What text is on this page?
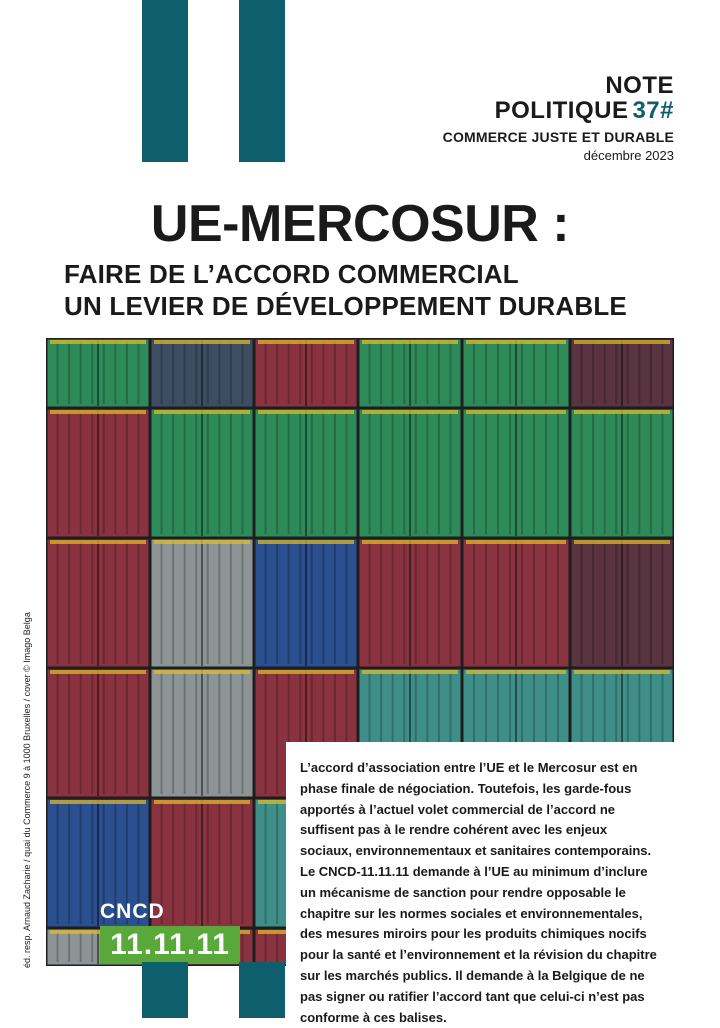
NOTE
POLITIQUE 37#
COMMERCE JUSTE ET DURABLE
décembre 2023
UE-MERCOSUR :
FAIRE DE L’ACCORD COMMERCIAL
UN LEVIER DE DÉVELOPPEMENT DURABLE
éd. resp. Arnaud Zacharie / quai du Commerce 9 à 1000 Bruxelles / cover © Imago Belga	L’accord d’association entre l’UE et le Mercosur est en phase finale de négociation. Toutefois, les garde-fous apportés à l’actuel volet commercial de l’accord ne suffisent pas à le rendre cohérent avec les enjeux sociaux, environnementaux et sanitaires contemporains. Le CNCD-11.11.11 demande à l’UE au minimum d’inclure un mécanisme de sanction pour rendre opposable le chapitre sur les normes sociales et environnementales, des mesures miroirs pour les produits chimiques nocifs pour la santé et l’environnement et la révision du chapitre sur les marchés publics. Il demande à la Belgique de ne pas signer ou ratifier l’accord tant que celui-ci n’est pas conforme à ces balises.

CNCD
11.11.11
